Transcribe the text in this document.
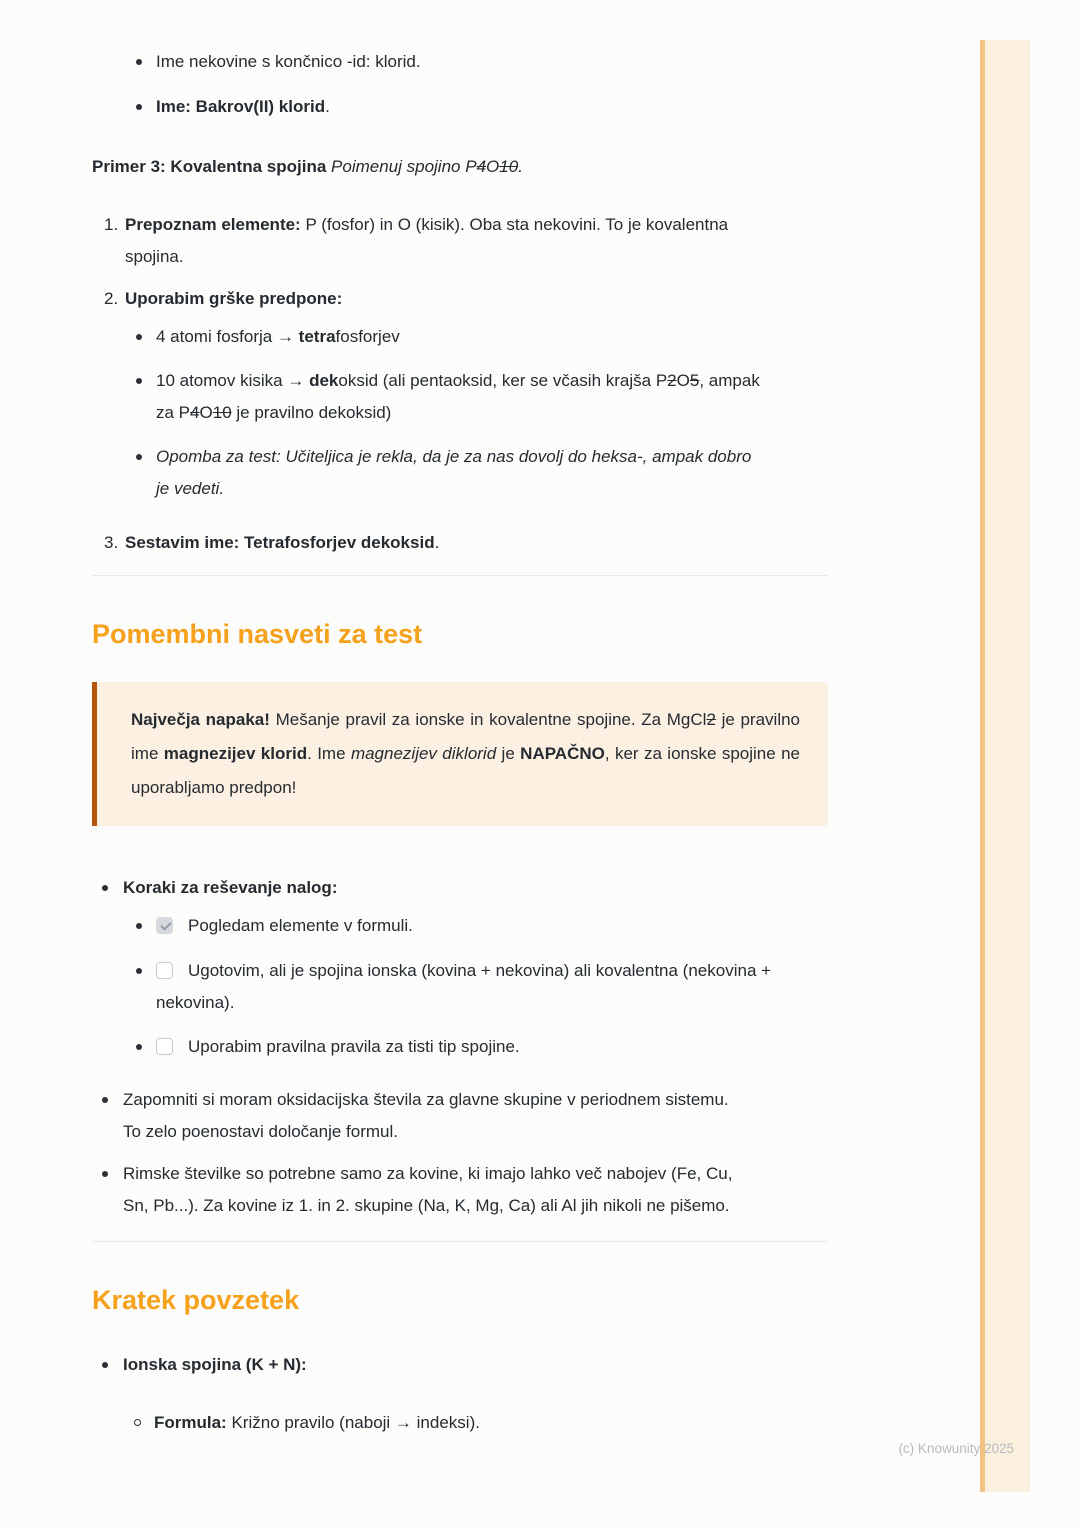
Ime nekovine s končnico -id: klorid.

Ime: Bakrov(II) klorid.

Primer 3: Kovalentna spojina Poimenuj spojino P4O10.

1. Prepoznam elemente: P (fosfor) in O (kisik). Oba sta nekovini. To je kovalentna spojina.

2. Uporabim grške predpone:

4 atomi fosforja → tetrafosforjev

10 atomov kisika → dekoksid (ali pentaoksid, ker se včasih krajša P2O5, ampak za P4O10 je pravilno dekoksid)

Opomba za test: Učiteljica je rekla, da je za nas dovolj do heksa-, ampak dobro je vedeti.

3. Sestavim ime: Tetrafosforjev dekoksid.

Pomembni nasveti za test

Največja napaka! Mešanje pravil za ionske in kovalentne spojine. Za MgCl2 je pravilno ime magnezijev klorid. Ime magnezijev diklorid je NAPAČNO, ker za ionske spojine ne uporabljamo predpon!

Koraki za reševanje nalog:

Pogledam elemente v formuli.

Ugotovim, ali je spojina ionska (kovina + nekovina) ali kovalentna (nekovina + nekovina).

Uporabim pravilna pravila za tisti tip spojine.

Zapomniti si moram oksidacijska števila za glavne skupine v periodnem sistemu. To zelo poenostavi določanje formul.

Rimske številke so potrebne samo za kovine, ki imajo lahko več nabojev (Fe, Cu, Sn, Pb...). Za kovine iz 1. in 2. skupine (Na, K, Mg, Ca) ali Al jih nikoli ne pišemo.

Kratek povzetek

Ionska spojina (K + N):

Formula: Križno pravilo (naboji → indeksi).

(c) Knowunity 2025
